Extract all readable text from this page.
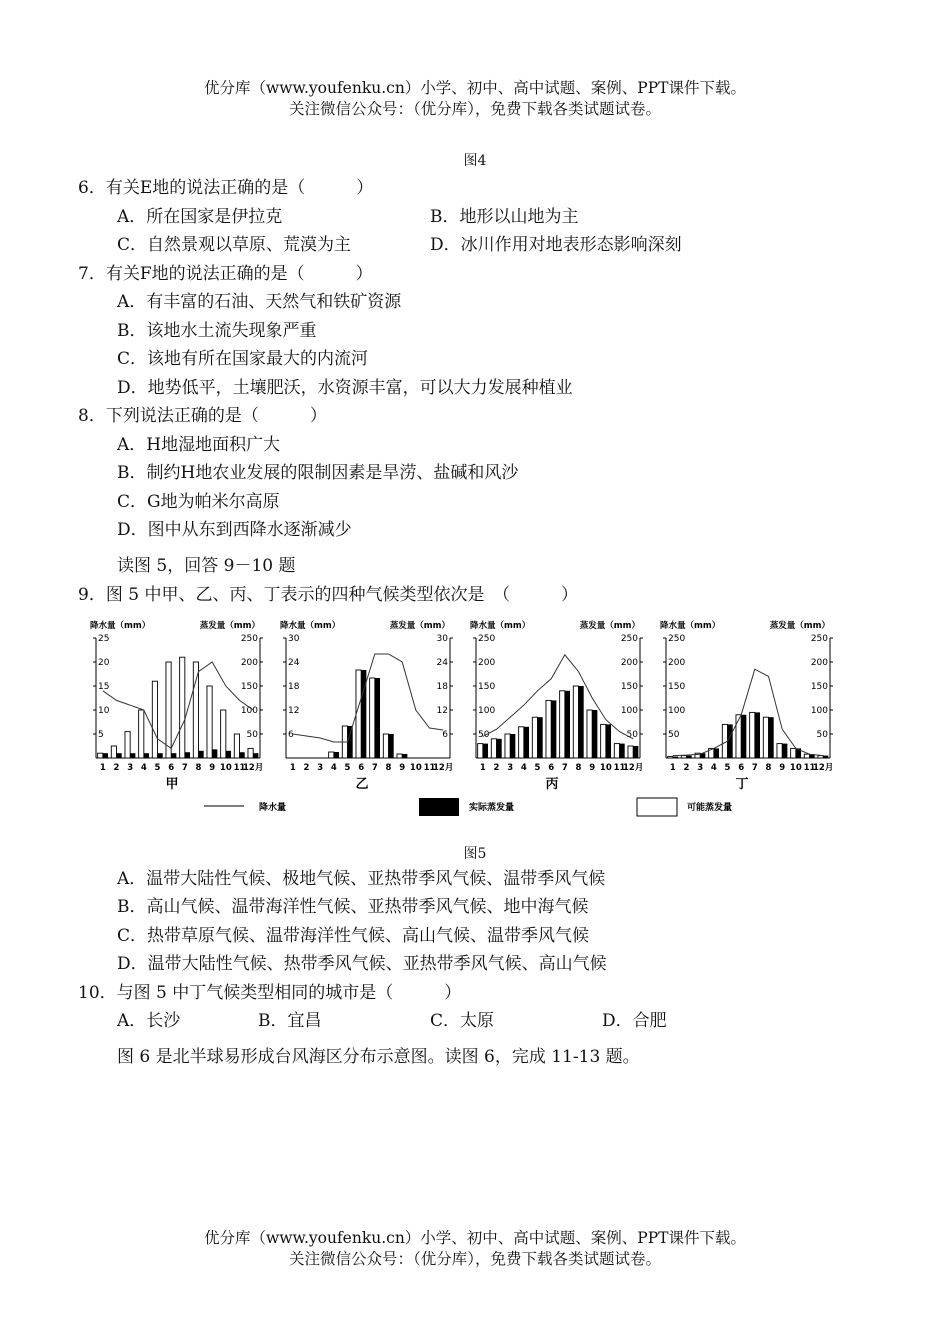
优分库（www.youfenku.cn）小学、初中、高中试题、案例、PPT课件下载。
关注微信公众号：（优分库），免费下载各类试题试卷。
图4
6．有关E地的说法正确的是（　　　）
A．所在国家是伊拉克	B．地形以山地为主
C．自然景观以草原、荒漠为主	D．冰川作用对地表形态影响深刻
7．有关F地的说法正确的是（　　　）
A．有丰富的石油、天然气和铁矿资源
B．该地水土流失现象严重
C．该地有所在国家最大的内流河
D．地势低平，土壤肥沃，水资源丰富，可以大力发展种植业
8．下列说法正确的是（　　　）
A．H地湿地面积广大
B．制约H地农业发展的限制因素是旱涝、盐碱和风沙
C．G地为帕米尔高原
D．图中从东到西降水逐渐减少
读图 5，回答 9－10 题
9．图 5 中甲、乙、丙、丁表示的四种气候类型依次是　（　　　）
降水量（mm）	蒸发量（mm）
5
10
15
20
25
50
100
150
200
250
1 2 3 4 5 6 7 8 9 10 11
12月
甲
降水量（mm）	蒸发量（mm）
6
12
18
24
30
6
12
18
24
30
1 2 3 4 5 6 7 8 9 10 11
12月
乙
降水量（mm）	蒸发量（mm）
50
100
150
200
250
50
100
150
200
250
1 2 3 4 5 6 7 8 9 10 11
12月
丙
降水量（mm）	蒸发量（mm）
50
100
150
200
250
50
100
150
200
250
1 2 3 4 5 6 7 8 9 10 11
12月
丁
降水量	实际蒸发量	可能蒸发量
图5
A．温带大陆性气候、极地气候、亚热带季风气候、温带季风气候
B．高山气候、温带海洋性气候、亚热带季风气候、地中海气候
C．热带草原气候、温带海洋性气候、高山气候、温带季风气候
D．温带大陆性气候、热带季风气候、亚热带季风气候、高山气候
10．与图 5 中丁气候类型相同的城市是（　　　）
A．长沙	B．宜昌	C．太原	D．合肥
图 6 是北半球易形成台风海区分布示意图。读图 6，完成 11-13 题。
优分库（www.youfenku.cn）小学、初中、高中试题、案例、PPT课件下载。
关注微信公众号：（优分库），免费下载各类试题试卷。
